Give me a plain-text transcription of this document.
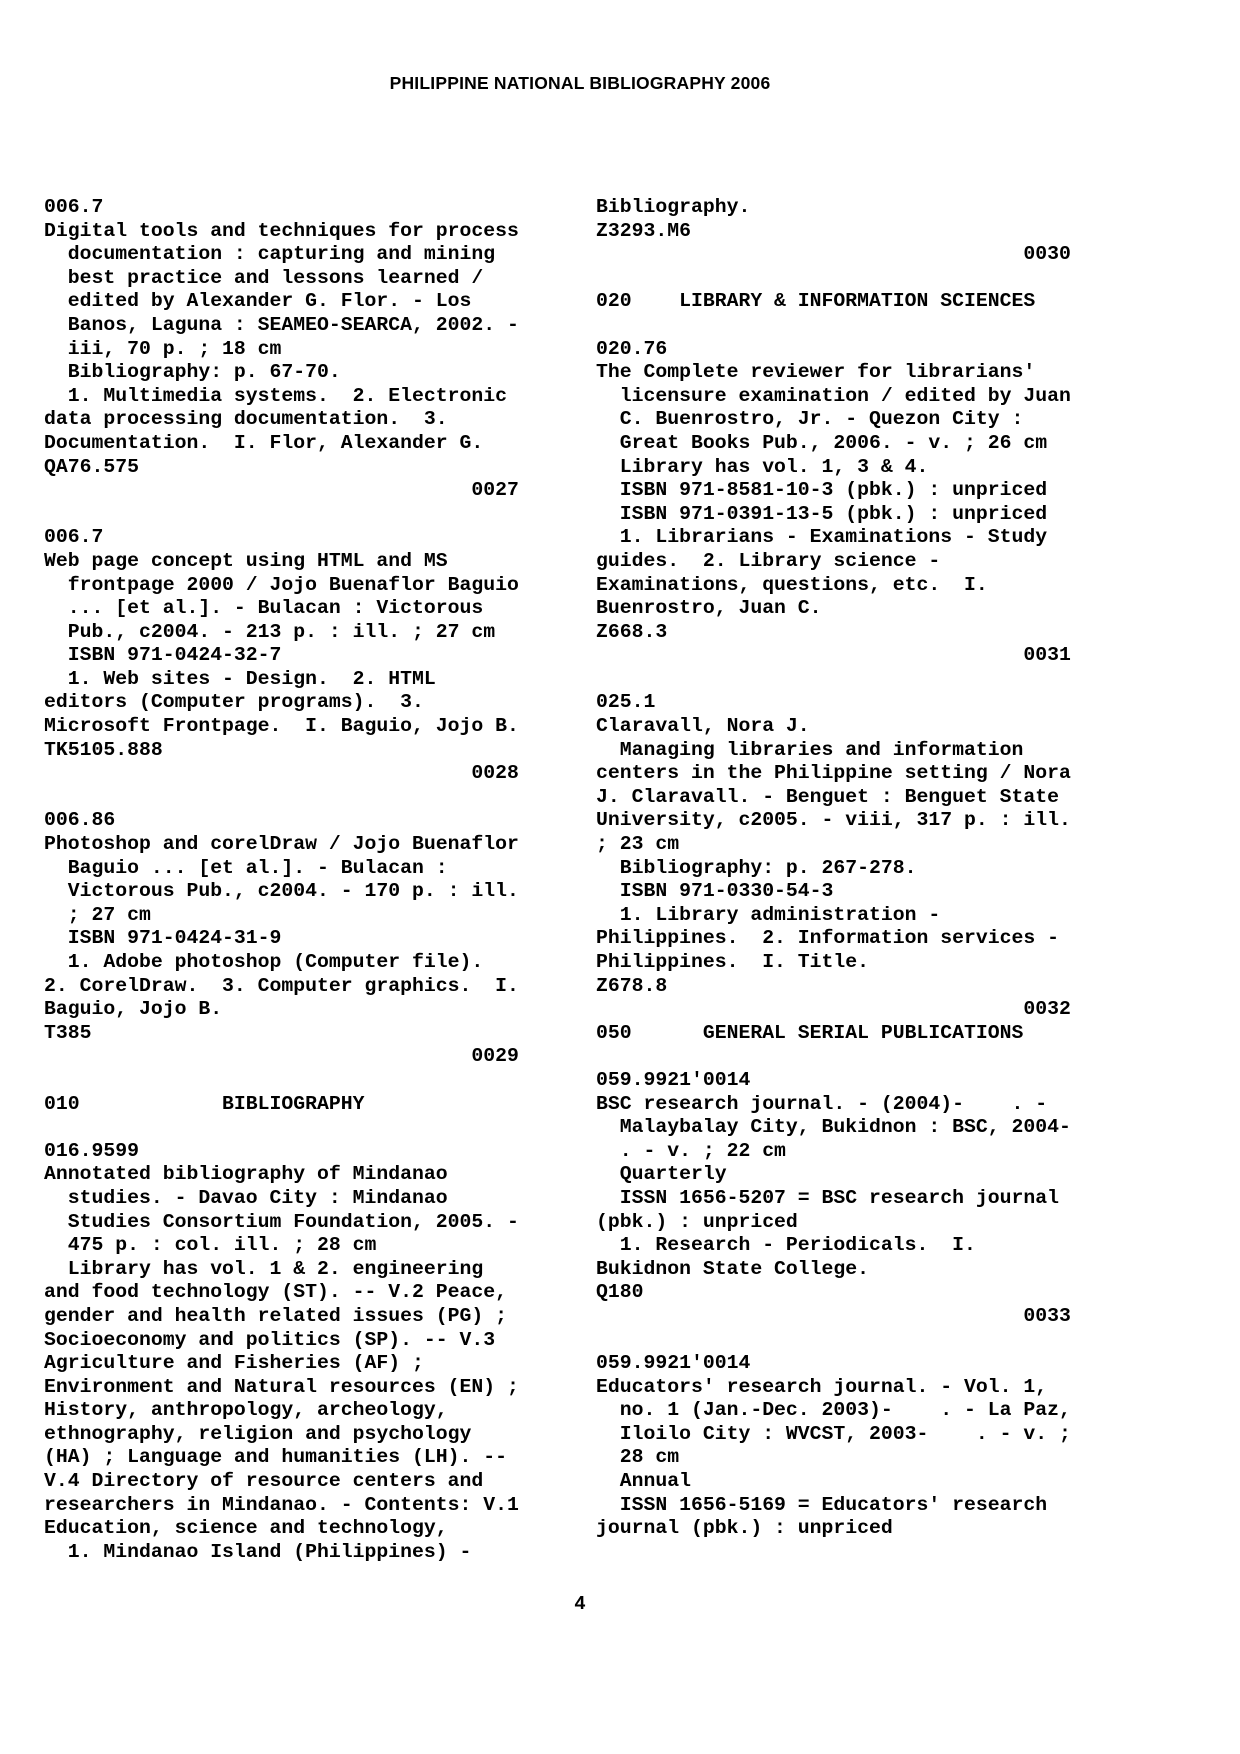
PHILIPPINE NATIONAL BIBLIOGRAPHY 2006
006.7
Digital tools and techniques for process
documentation : capturing and mining
best practice and lessons learned /
edited by Alexander G. Flor. - Los
Banos, Laguna : SEAMEO-SEARCA, 2002. -
iii, 70 p. ; 18 cm
Bibliography: p. 67-70.
1. Multimedia systems.  2. Electronic
data processing documentation.  3.
Documentation.  I. Flor, Alexander G.
QA76.575
0027
006.7
Web page concept using HTML and MS
frontpage 2000 / Jojo Buenaflor Baguio
... [et al.]. - Bulacan : Victorous
Pub., c2004. - 213 p. : ill. ; 27 cm
ISBN 971-0424-32-7
1. Web sites - Design.  2. HTML
editors (Computer programs).  3.
Microsoft Frontpage.  I. Baguio, Jojo B.
TK5105.888
0028
006.86
Photoshop and corelDraw / Jojo Buenaflor
Baguio ... [et al.]. - Bulacan :
Victorous Pub., c2004. - 170 p. : ill.
; 27 cm
ISBN 971-0424-31-9
1. Adobe photoshop (Computer file).
2. CorelDraw.  3. Computer graphics.  I.
Baguio, Jojo B.
T385
0029
010            BIBLIOGRAPHY
016.9599
Annotated bibliography of Mindanao
studies. - Davao City : Mindanao
Studies Consortium Foundation, 2005. -
475 p. : col. ill. ; 28 cm
Library has vol. 1 & 2. engineering
and food technology (ST). -- V.2 Peace,
gender and health related issues (PG) ;
Socioeconomy and politics (SP). -- V.3
Agriculture and Fisheries (AF) ;
Environment and Natural resources (EN) ;
History, anthropology, archeology,
ethnography, religion and psychology
(HA) ; Language and humanities (LH). --
V.4 Directory of resource centers and
researchers in Mindanao. - Contents: V.1
Education, science and technology,
1. Mindanao Island (Philippines) -
Bibliography.
Z3293.M6
0030
020    LIBRARY & INFORMATION SCIENCES
020.76
The Complete reviewer for librarians'
licensure examination / edited by Juan
C. Buenrostro, Jr. - Quezon City :
Great Books Pub., 2006. - v. ; 26 cm
Library has vol. 1, 3 & 4.
ISBN 971-8581-10-3 (pbk.) : unpriced
ISBN 971-0391-13-5 (pbk.) : unpriced
1. Librarians - Examinations - Study
guides.  2. Library science -
Examinations, questions, etc.  I.
Buenrostro, Juan C.
Z668.3
0031
025.1
Claravall, Nora J.
Managing libraries and information
centers in the Philippine setting / Nora
J. Claravall. - Benguet : Benguet State
University, c2005. - viii, 317 p. : ill.
; 23 cm
Bibliography: p. 267-278.
ISBN 971-0330-54-3
1. Library administration -
Philippines.  2. Information services -
Philippines.  I. Title.
Z678.8
0032
050      GENERAL SERIAL PUBLICATIONS
059.9921'0014
BSC research journal. - (2004)-    . -
Malaybalay City, Bukidnon : BSC, 2004-
. - v. ; 22 cm
Quarterly
ISSN 1656-5207 = BSC research journal
(pbk.) : unpriced
1. Research - Periodicals.  I.
Bukidnon State College.
Q180
0033
059.9921'0014
Educators' research journal. - Vol. 1,
no. 1 (Jan.-Dec. 2003)-    . - La Paz,
Iloilo City : WVCST, 2003-    . - v. ;
28 cm
Annual
ISSN 1656-5169 = Educators' research
journal (pbk.) : unpriced
4
